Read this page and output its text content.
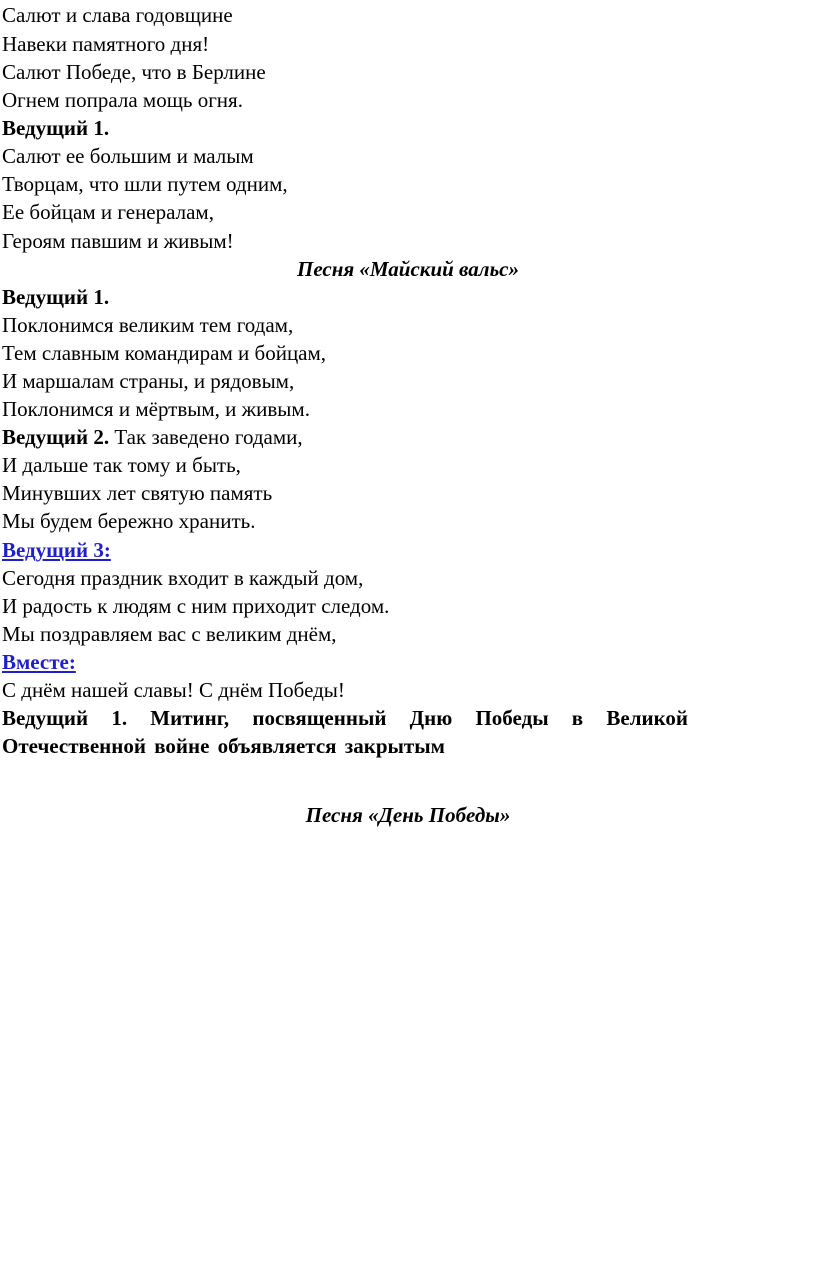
Салют и слава годовщине

Навеки памятного дня!

Салют Победе, что в Берлине

Огнем попрала мощь огня.

Ведущий 1.

Салют ее большим и малым

Творцам, что шли путем одним,

Ее бойцам и генералам,

Героям павшим и живым!

Песня «Майский вальс»

Ведущий 1.

Поклонимся великим тем годам,

Тем славным командирам и бойцам,

И маршалам страны, и рядовым,

Поклонимся и мёртвым, и живым.

Ведущий 2. Так заведено годами,

И дальше так тому и быть,

Минувших лет святую память

Мы будем бережно хранить.

Ведущий 3:

Сегодня праздник входит в каждый дом,

И радость к людям с ним приходит следом.

Мы поздравляем вас с великим днём,

Вместе:

С днём нашей славы! С днём Победы!

Ведущий 1. Митинг, посвященный Дню Победы в Великой

Отечественной войне объявляется закрытым

Песня «День Победы»
